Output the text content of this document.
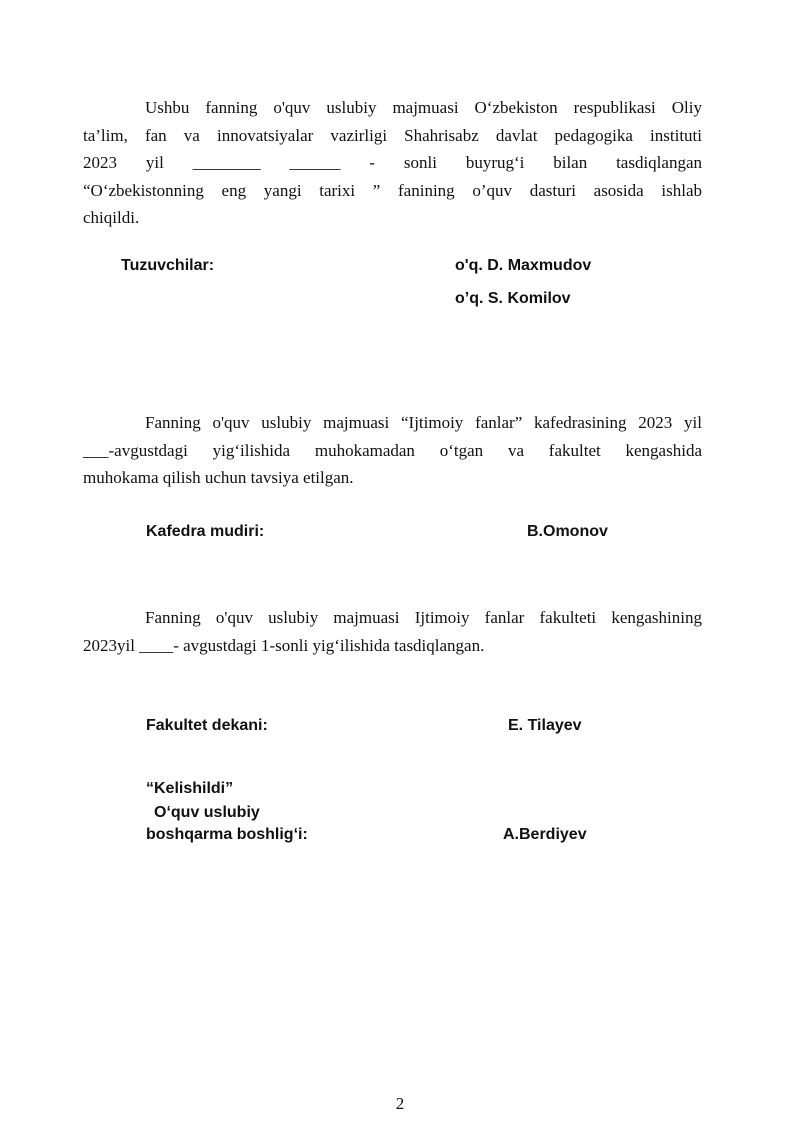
Ushbu fanning o'quv uslubiy majmuasi O‘zbekiston respublikasi Oliy
ta’lim, fan va innovatsiyalar vazirligi Shahrisabz davlat pedagogika instituti
2023 yil ________ ______ - sonli buyrug‘i bilan tasdiqlangan
“O‘zbekistonning eng yangi tarixi ” fanining o’quv dasturi asosida ishlab
chiqildi.
Tuzuvchilar:	o'q. D. Maxmudov
o’q. S. Komilov
Fanning o'quv uslubiy majmuasi “Ijtimoiy fanlar” kafedrasining 2023 yil
___-avgustdagi yig‘ilishida muhokamadan o‘tgan va fakultet kengashida
muhokama qilish uchun tavsiya etilgan.
Kafedra mudiri:	B.Omonov
Fanning o'quv uslubiy majmuasi Ijtimoiy fanlar fakulteti kengashining
2023yil ____- avgustdagi 1-sonli yig‘ilishida tasdiqlangan.
Fakultet dekani:	E. Tilayev
“Kelishildi”
O‘quv uslubiy
boshqarma boshlig‘i:	A.Berdiyev
2
